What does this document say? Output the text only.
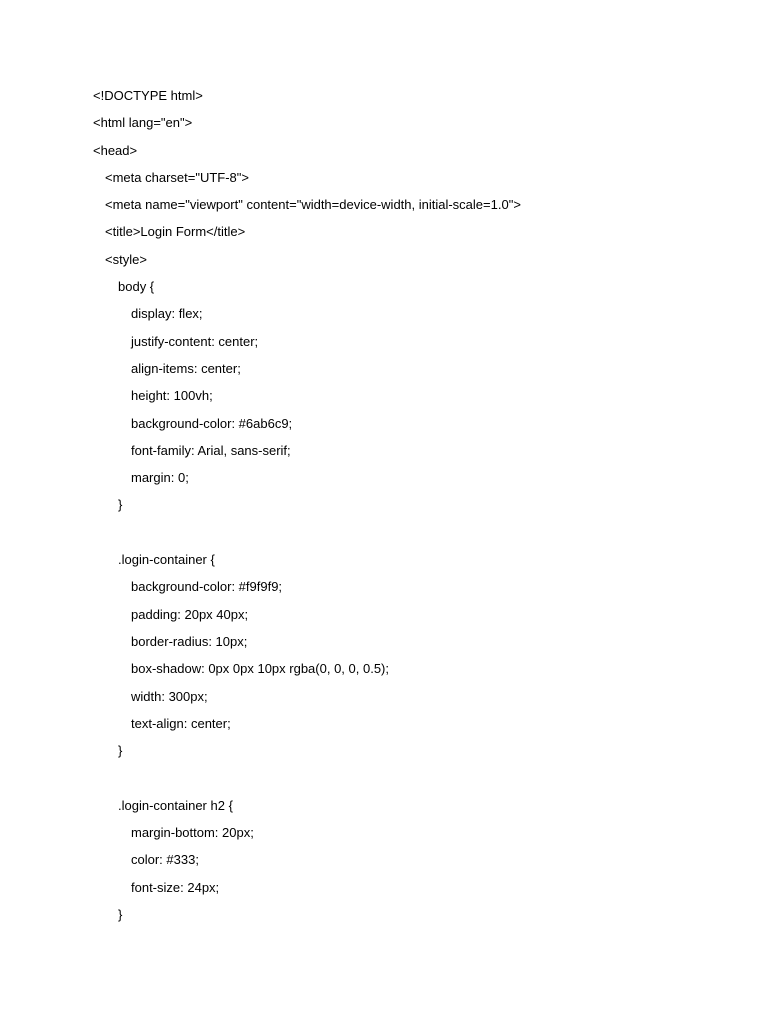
<!DOCTYPE html>
<html lang="en">
<head>
<meta charset="UTF-8">
<meta name="viewport" content="width=device-width, initial-scale=1.0">
<title>Login Form</title>
<style>
body {
display: flex;
justify-content: center;
align-items: center;
height: 100vh;
background-color: #6ab6c9;
font-family: Arial, sans-serif;
margin: 0;
}
.login-container {
background-color: #f9f9f9;
padding: 20px 40px;
border-radius: 10px;
box-shadow: 0px 0px 10px rgba(0, 0, 0, 0.5);
width: 300px;
text-align: center;
}
.login-container h2 {
margin-bottom: 20px;
color: #333;
font-size: 24px;
}
